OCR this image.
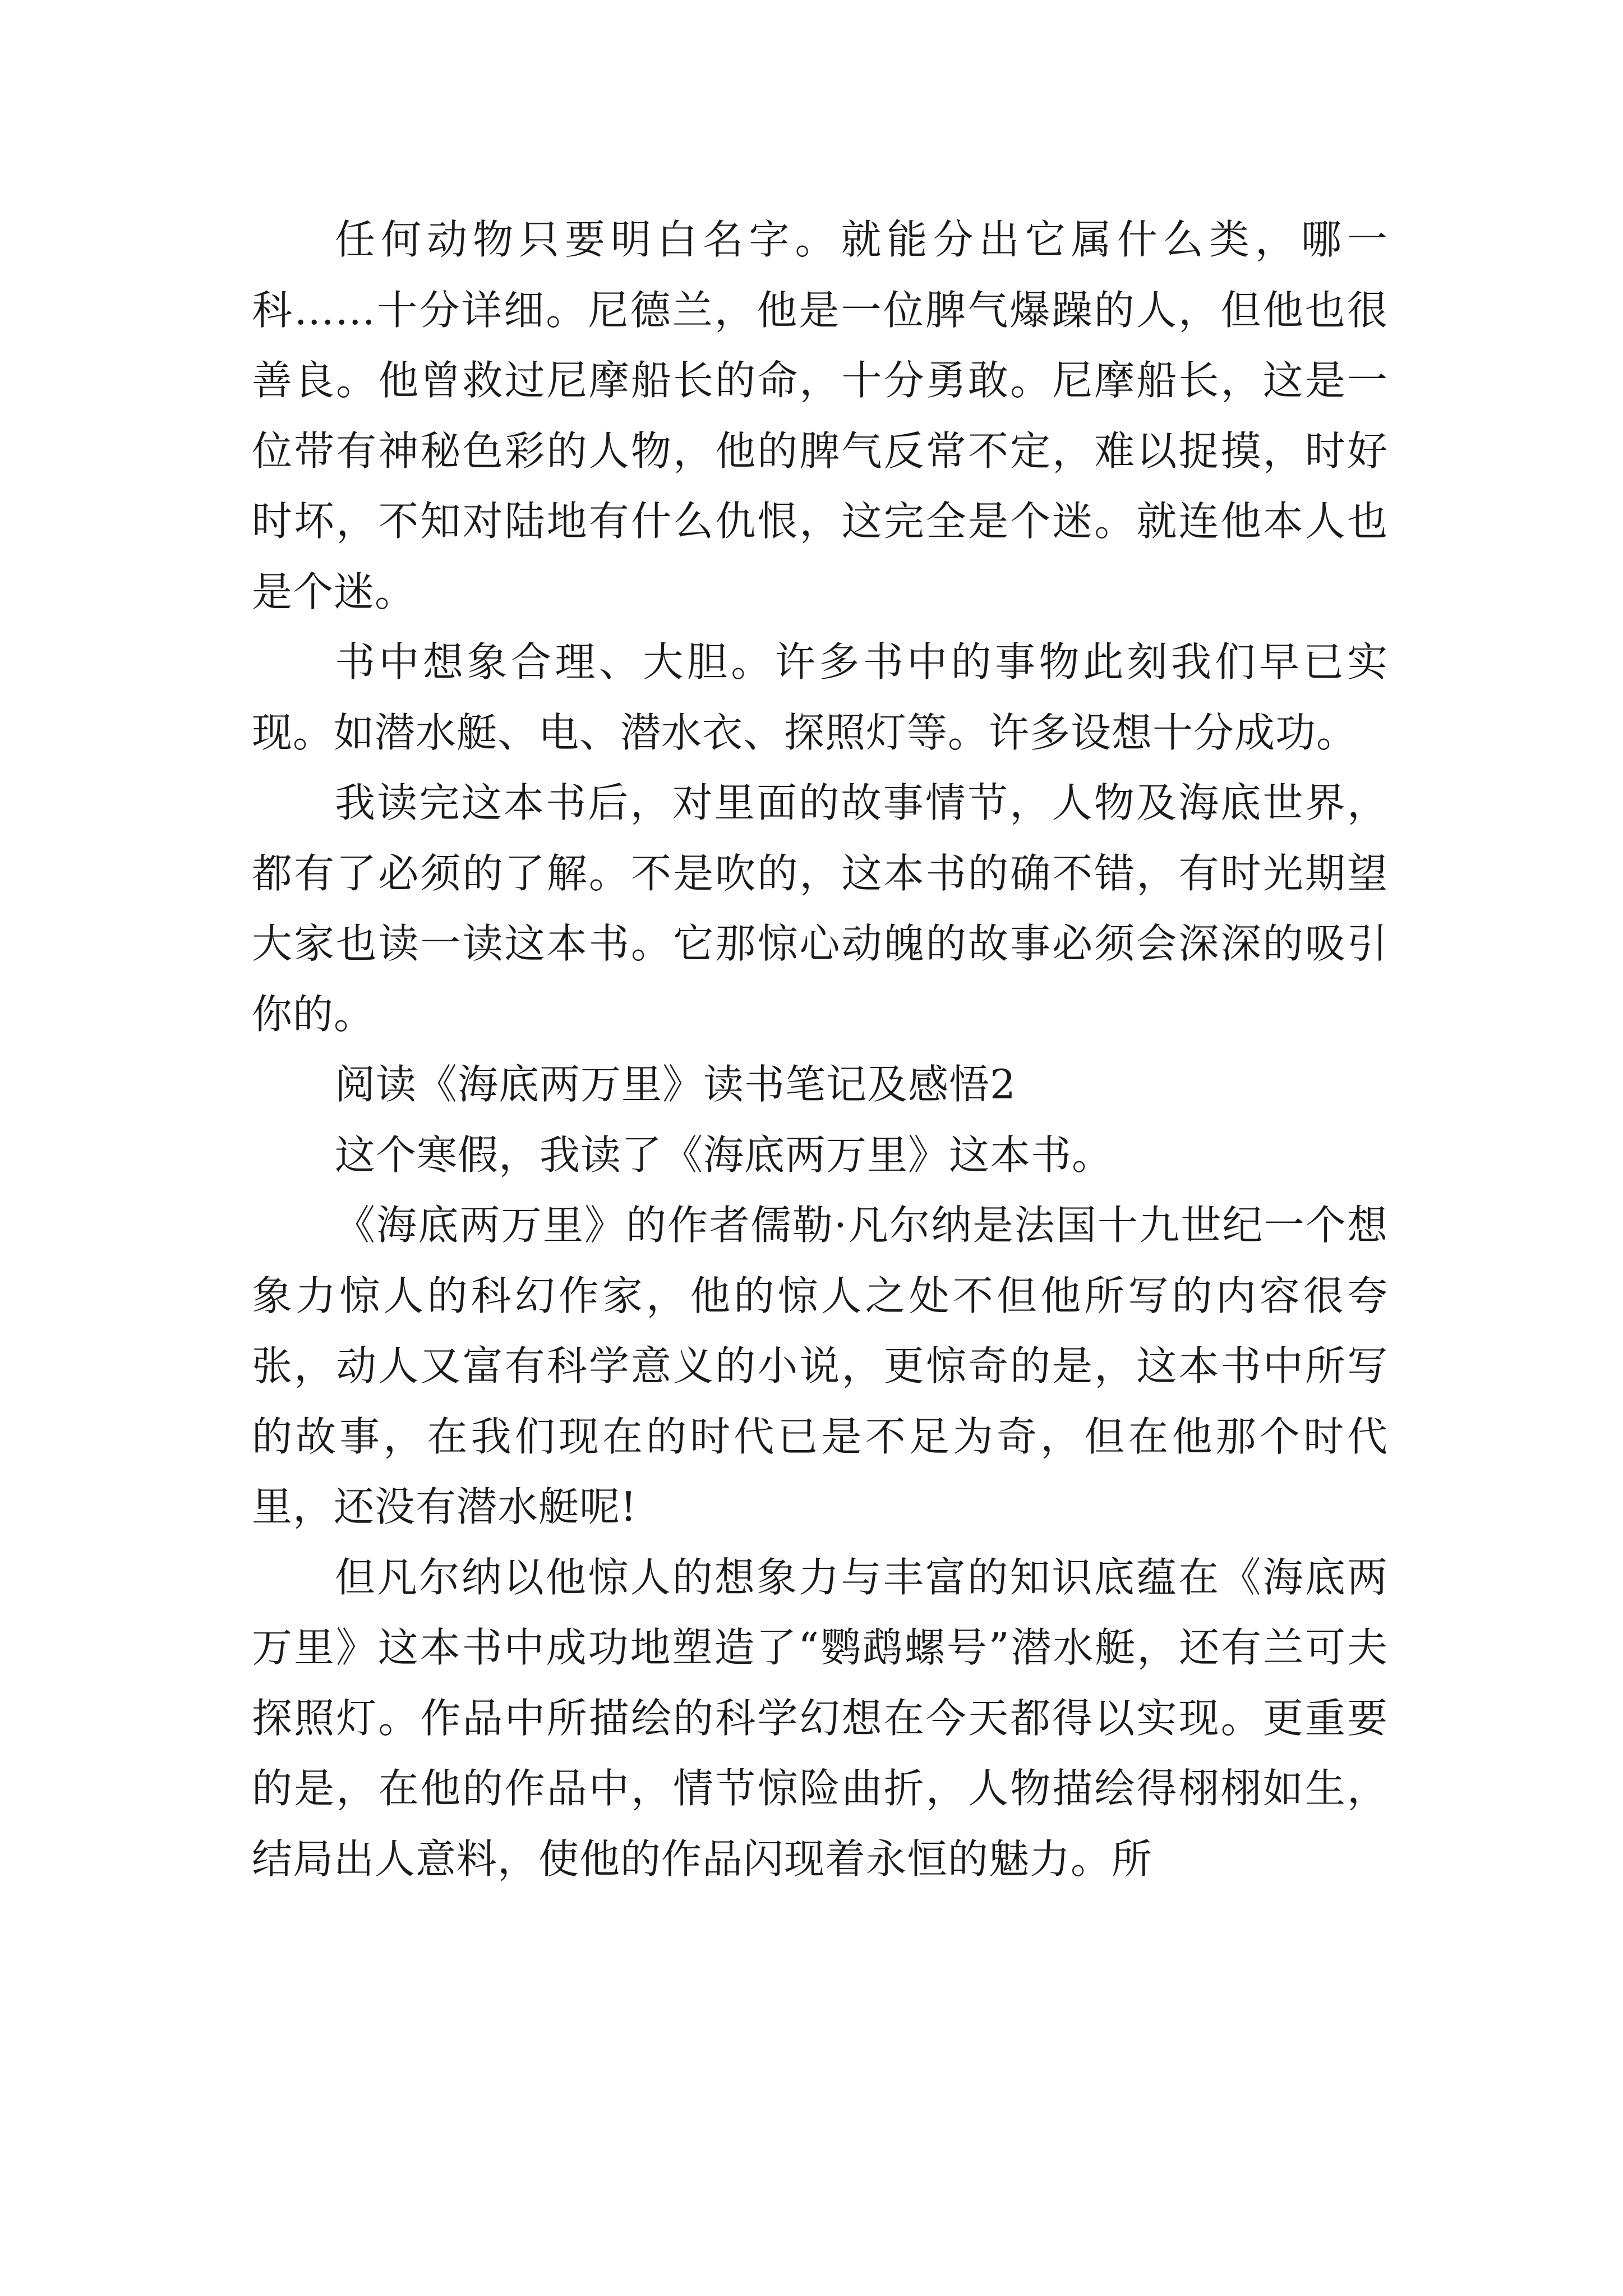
任何动物只要明白名字。就能分出它属什么类，哪一科……十分详细。尼德兰，他是一位脾气爆躁的人，但他也很善良。他曾救过尼摩船长的命，十分勇敢。尼摩船长，这是一位带有神秘色彩的人物，他的脾气反常不定，难以捉摸，时好时坏，不知对陆地有什么仇恨，这完全是个迷。就连他本人也是个迷。

书中想象合理、大胆。许多书中的事物此刻我们早已实现。如潜水艇、电、潜水衣、探照灯等。许多设想十分成功。

我读完这本书后，对里面的故事情节，人物及海底世界，都有了必须的了解。不是吹的，这本书的确不错，有时光期望大家也读一读这本书。它那惊心动魄的故事必须会深深的吸引你的。

阅读《海底两万里》读书笔记及感悟2

这个寒假，我读了《海底两万里》这本书。

《海底两万里》的作者儒勒·凡尔纳是法国十九世纪一个想象力惊人的科幻作家，他的惊人之处不但他所写的内容很夸张，动人又富有科学意义的小说，更惊奇的是，这本书中所写的故事，在我们现在的时代已是不足为奇，但在他那个时代里，还没有潜水艇呢!

但凡尔纳以他惊人的想象力与丰富的知识底蕴在《海底两万里》这本书中成功地塑造了“鹦鹉螺号”潜水艇，还有兰可夫探照灯。作品中所描绘的科学幻想在今天都得以实现。更重要的是，在他的作品中，情节惊险曲折，人物描绘得栩栩如生，结局出人意料，使他的作品闪现着永恒的魅力。所
